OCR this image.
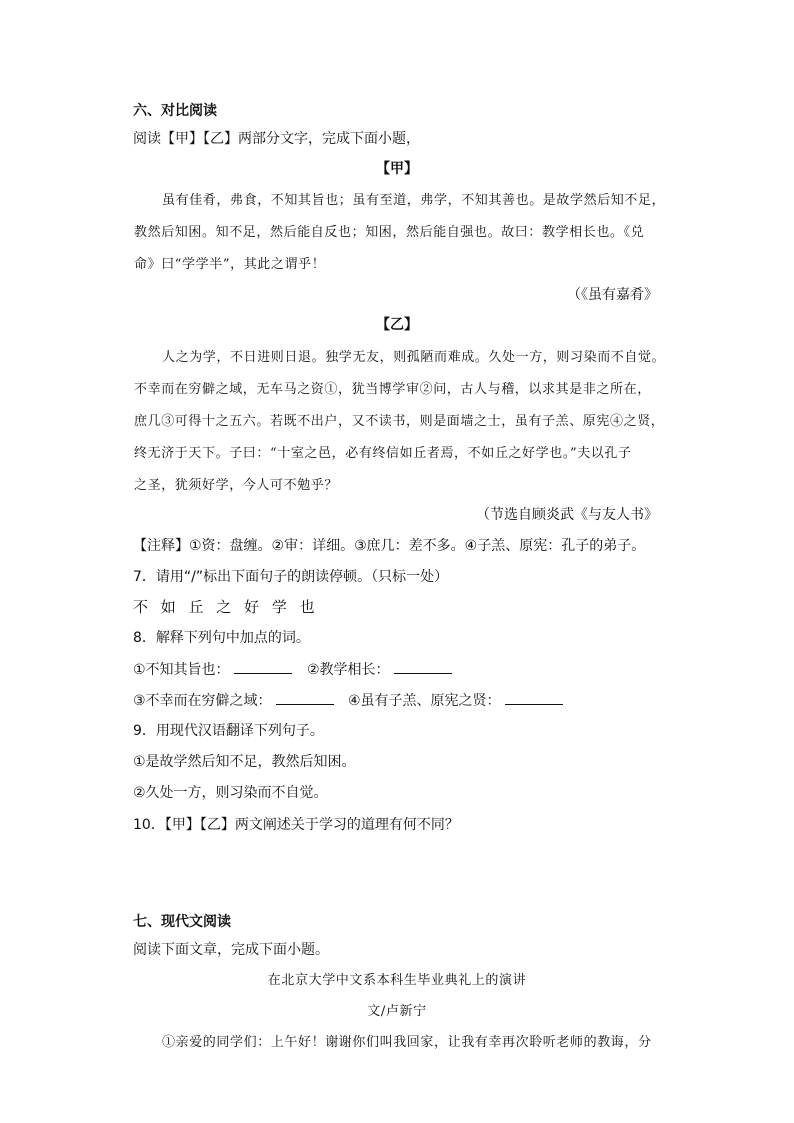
六、对比阅读
阅读【甲】【乙】两部分文字，完成下面小题，
【甲】
虽有佳肴，弗食，不知其旨也；虽有至道，弗学，不知其善也。是故学然后知不足，
教然后知困。知不足，然后能自反也；知困，然后能自强也。故曰：教学相长也。《兑
命》曰“学学半”，其此之谓乎！
（《虽有嘉肴》
【乙】
人之为学，不日进则日退。独学无友，则孤陋而难成。久处一方，则习染而不自觉。
不幸而在穷僻之域，无车马之资①，犹当博学审②问，古人与稽，以求其是非之所在，
庶几③可得十之五六。若既不出户，又不读书，则是面墙之士，虽有子羔、原宪④之贤，
终无济于天下。子曰：“十室之邑，必有终信如丘者焉，不如丘之好学也。”夫以孔子
之圣，犹须好学，今人可不勉乎？
（节选自顾炎武《与友人书》
【注释】①资：盘缠。②审：详细。③庶几：差不多。④子羔、原宪：孔子的弟子。
7．请用“/”标出下面句子的朗读停顿。（只标一处）
不 如 丘 之 好 学 也
8．解释下列句中加点的词。
①不知其旨也：	②教学相长：
③不幸而在穷僻之域：	④虽有子羔、原宪之贤：
9．用现代汉语翻译下列句子。
①是故学然后知不足，教然后知困。
②久处一方，则习染而不自觉。
10．【甲】【乙】两文阐述关于学习的道理有何不同？
七、现代文阅读
阅读下面文章，完成下面小题。
在北京大学中文系本科生毕业典礼上的演讲
文/卢新宁
①亲爱的同学们：上午好！谢谢你们叫我回家，让我有幸再次聆听老师的教诲，分
